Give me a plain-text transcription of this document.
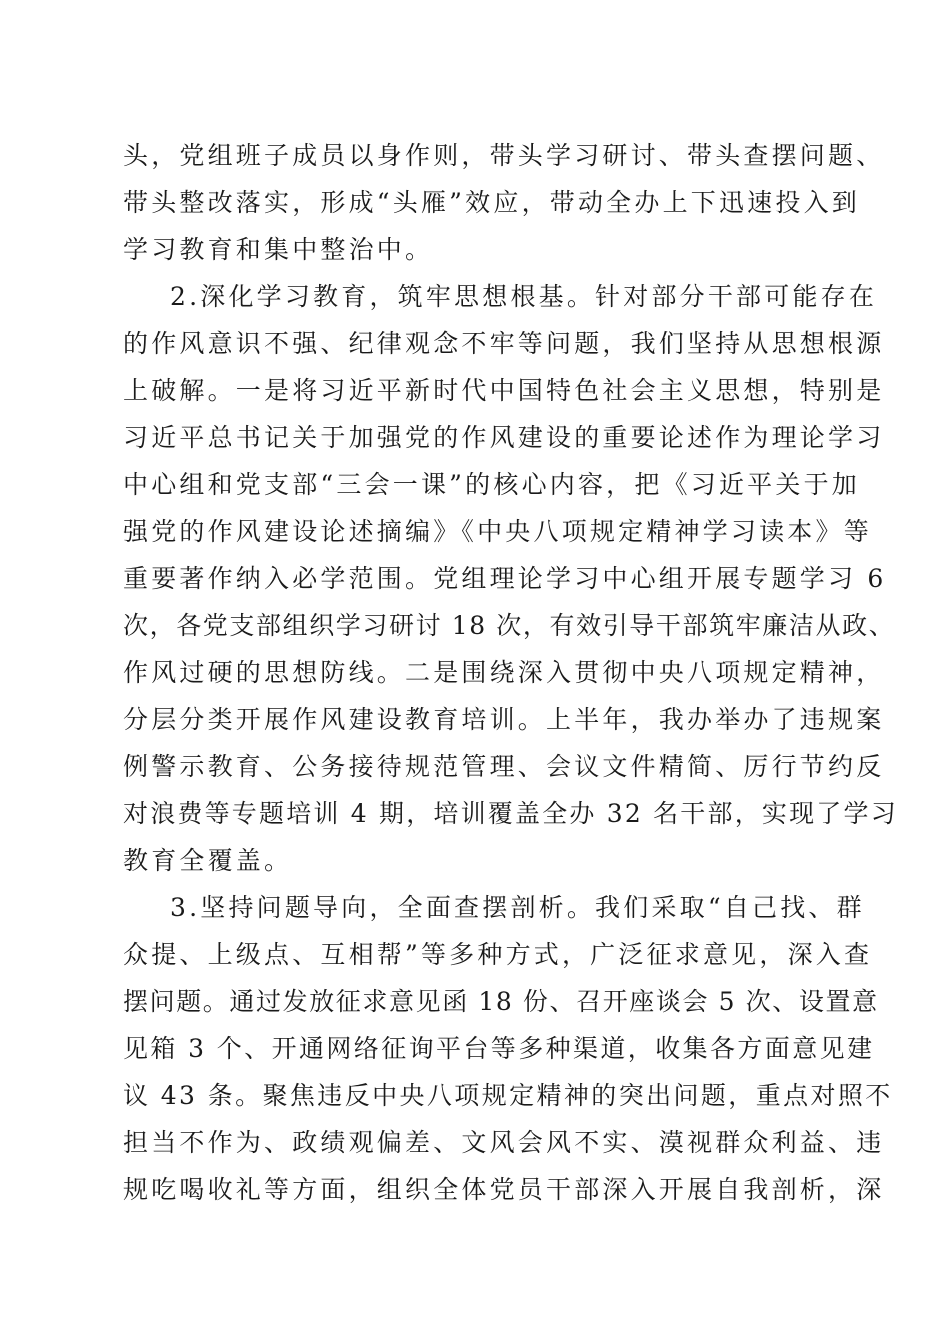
头，党组班子成员以身作则，带头学习研讨、带头查摆问题、
带头整改落实，形成“头雁”效应，带动全办上下迅速投入到
学习教育和集中整治中。
2.深化学习教育，筑牢思想根基。针对部分干部可能存在
的作风意识不强、纪律观念不牢等问题，我们坚持从思想根源
上破解。一是将习近平新时代中国特色社会主义思想，特别是
习近平总书记关于加强党的作风建设的重要论述作为理论学习
中心组和党支部“三会一课”的核心内容，把《习近平关于加
强党的作风建设论述摘编》《中央八项规定精神学习读本》等
重要著作纳入必学范围。党组理论学习中心组开展专题学习 6
次，各党支部组织学习研讨 18 次，有效引导干部筑牢廉洁从政、
作风过硬的思想防线。二是围绕深入贯彻中央八项规定精神，
分层分类开展作风建设教育培训。上半年，我办举办了违规案
例警示教育、公务接待规范管理、会议文件精简、厉行节约反
对浪费等专题培训 4 期，培训覆盖全办 32 名干部，实现了学习
教育全覆盖。
3.坚持问题导向，全面查摆剖析。我们采取“自己找、群
众提、上级点、互相帮”等多种方式，广泛征求意见，深入查
摆问题。通过发放征求意见函 18 份、召开座谈会 5 次、设置意
见箱 3 个、开通网络征询平台等多种渠道，收集各方面意见建
议 43 条。聚焦违反中央八项规定精神的突出问题，重点对照不
担当不作为、政绩观偏差、文风会风不实、漠视群众利益、违
规吃喝收礼等方面，组织全体党员干部深入开展自我剖析，深
